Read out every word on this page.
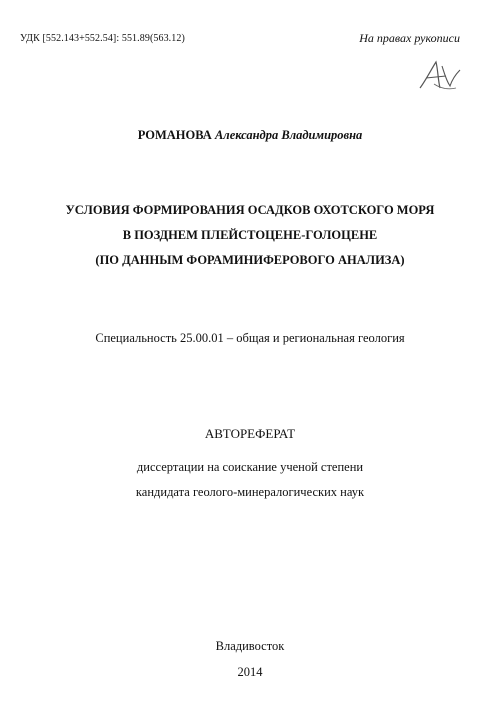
УДК [552.143+552.54]: 551.89(563.12)	На правах рукописи
РОМАНОВА Александра Владимировна
УСЛОВИЯ ФОРМИРОВАНИЯ ОСАДКОВ ОХОТСКОГО МОРЯ
В ПОЗДНЕМ ПЛЕЙСТОЦЕНЕ-ГОЛОЦЕНЕ
(ПО ДАННЫМ ФОРАМИНИФЕРОВОГО АНАЛИЗА)
Специальность 25.00.01 – общая и региональная геология
АВТОРЕФЕРАТ
диссертации на соискание ученой степени
кандидата геолого-минералогических наук
Владивосток
2014
